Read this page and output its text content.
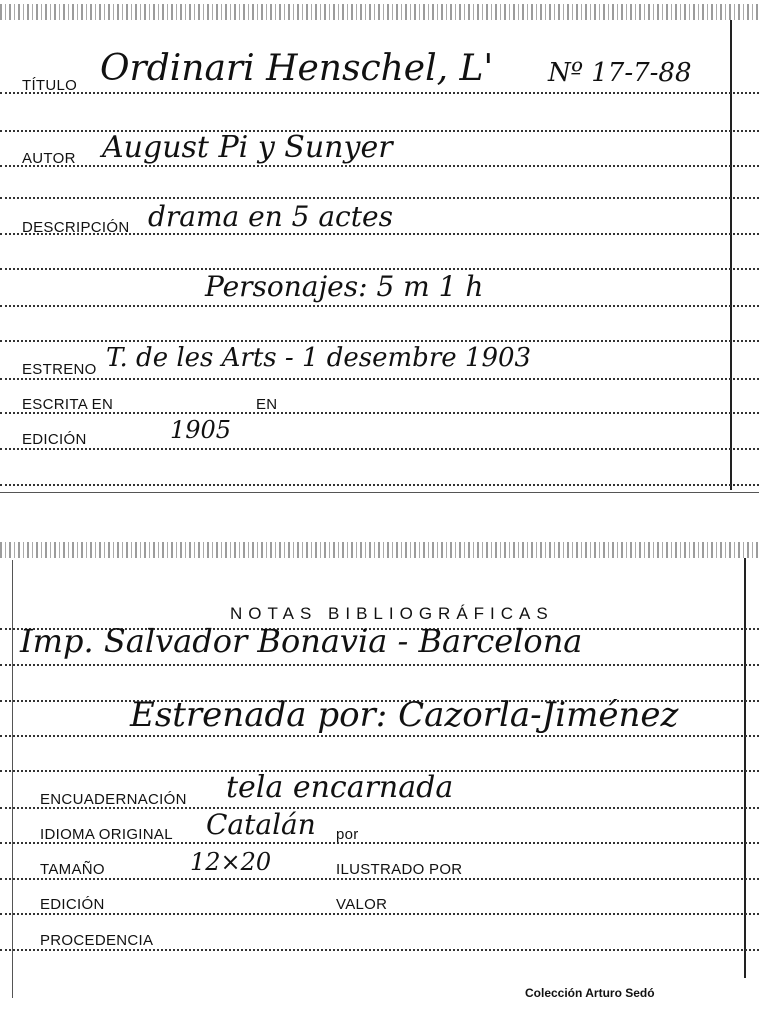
TÍTULO Ordinari Henschel, L' Nº 17-7-88
AUTOR August Pi y Sunyer
DESCRIPCIÓN drama en 5 actes
Personajes: 5 m 1 h
ESTRENO T. de les Arts - 1 desembre 1903
ESCRITA EN	EN
EDICIÓN	1905
NOTAS BIBLIOGRÁFICAS
Imp. Salvador Bonavia - Barcelona
Estrenada por: Cazorla-Jiménez
ENCUADERNACIÓN tela encarnada
IDIOMA ORIGINAL Catalán por
TAMAÑO	12×20	ILUSTRADO POR
EDICIÓN	VALOR
PROCEDENCIA
Colección Arturo Sedó
